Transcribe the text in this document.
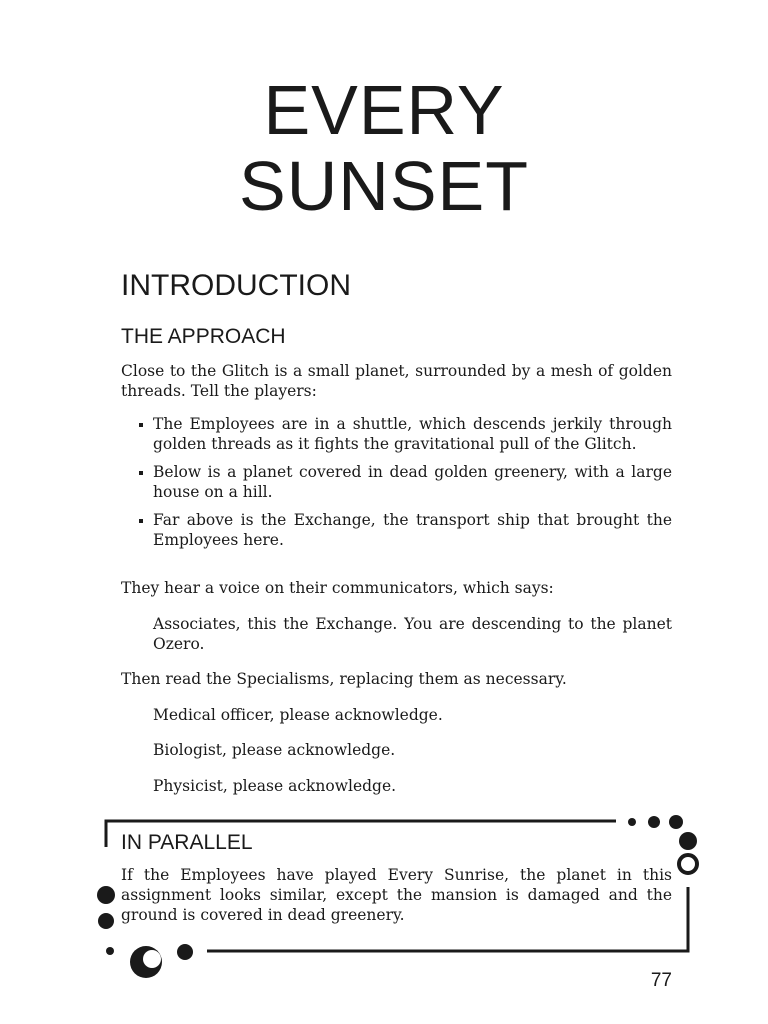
EVERY
SUNSET
INTRODUCTION
THE APPROACH

Close to the Glitch is a small planet, surrounded by a mesh of golden threads. Tell the players:

The Employees are in a shuttle, which descends jerkily through golden threads as it fights the gravitational pull of the Glitch.
Below is a planet covered in dead golden greenery, with a large house on a hill.
Far above is the Exchange, the transport ship that brought the Employees here.

They hear a voice on their communicators, which says:

Associates, this the Exchange. You are descending to the planet Ozero.

Then read the Specialisms, replacing them as necessary.

Medical officer, please acknowledge.

Biologist, please acknowledge.

Physicist, please acknowledge.

IN PARALLEL

If the Employees have played Every Sunrise, the planet in this assignment looks similar, except the mansion is damaged and the ground is covered in dead greenery.

77
